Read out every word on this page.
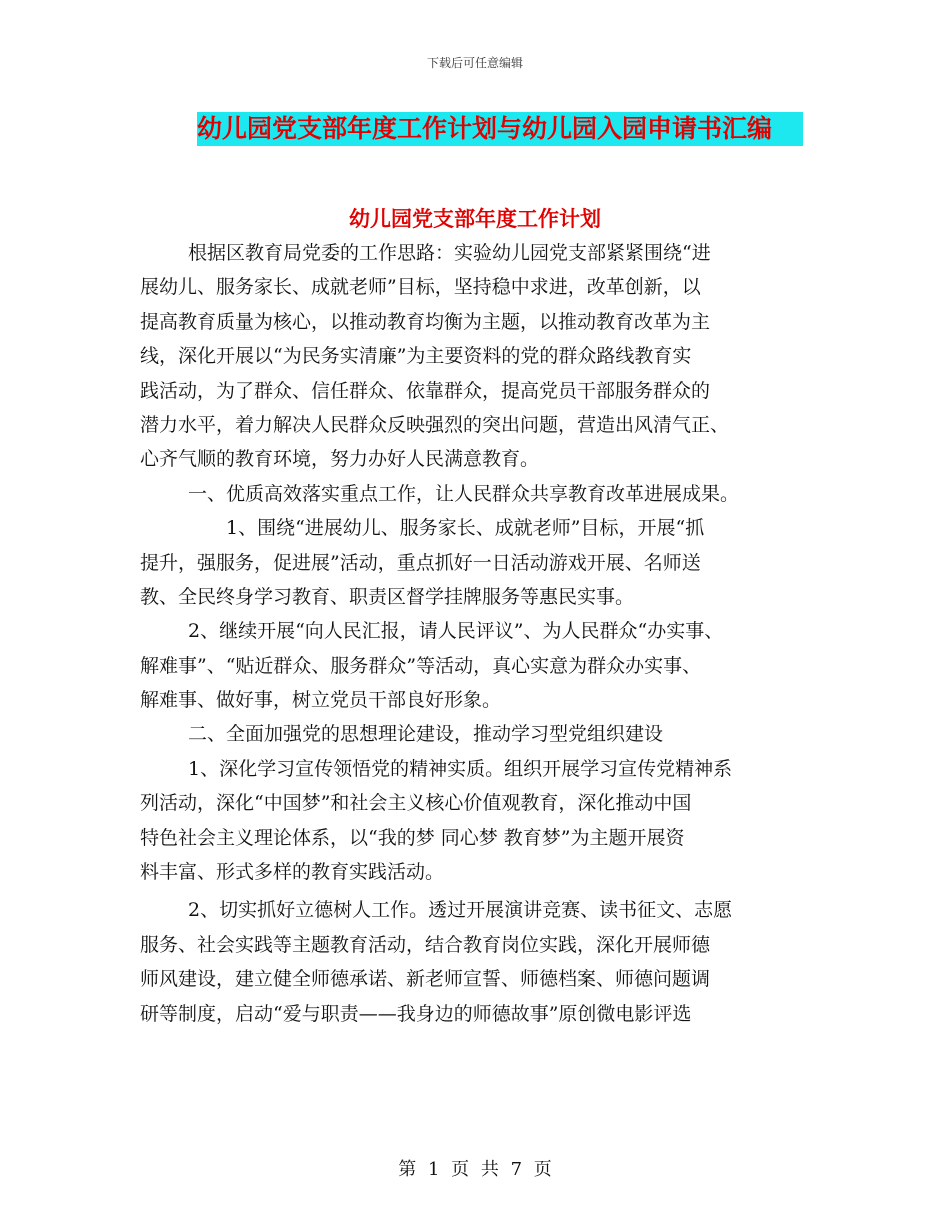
下载后可任意编辑
幼儿园党支部年度工作计划与幼儿园入园申请书汇编
幼儿园党支部年度工作计划
根据区教育局党委的工作思路：实验幼儿园党支部紧紧围绕“进
展幼儿、服务家长、成就老师”目标，坚持稳中求进，改革创新，以
提高教育质量为核心，以推动教育均衡为主题，以推动教育改革为主
线，深化开展以“为民务实清廉”为主要资料的党的群众路线教育实
践活动，为了群众、信任群众、依靠群众，提高党员干部服务群众的
潜力水平，着力解决人民群众反映强烈的突出问题，营造出风清气正、
心齐气顺的教育环境，努力办好人民满意教育。
一、优质高效落实重点工作，让人民群众共享教育改革进展成果。
1、围绕“进展幼儿、服务家长、成就老师”目标，开展“抓
提升，强服务，促进展”活动，重点抓好一日活动游戏开展、名师送
教、全民终身学习教育、职责区督学挂牌服务等惠民实事。
2、继续开展“向人民汇报，请人民评议”、为人民群众“办实事、
解难事”、“贴近群众、服务群众”等活动，真心实意为群众办实事、
解难事、做好事，树立党员干部良好形象。
二、全面加强党的思想理论建设，推动学习型党组织建设
1、深化学习宣传领悟党的精神实质。组织开展学习宣传党精神系
列活动，深化“中国梦”和社会主义核心价值观教育，深化推动中国
特色社会主义理论体系，以“我的梦 同心梦 教育梦”为主题开展资
料丰富、形式多样的教育实践活动。
2、切实抓好立德树人工作。透过开展演讲竞赛、读书征文、志愿
服务、社会实践等主题教育活动，结合教育岗位实践，深化开展师德
师风建设，建立健全师德承诺、新老师宣誓、师德档案、师德问题调
研等制度，启动“爱与职责——我身边的师德故事”原创微电影评选
第 1 页 共 7 页
